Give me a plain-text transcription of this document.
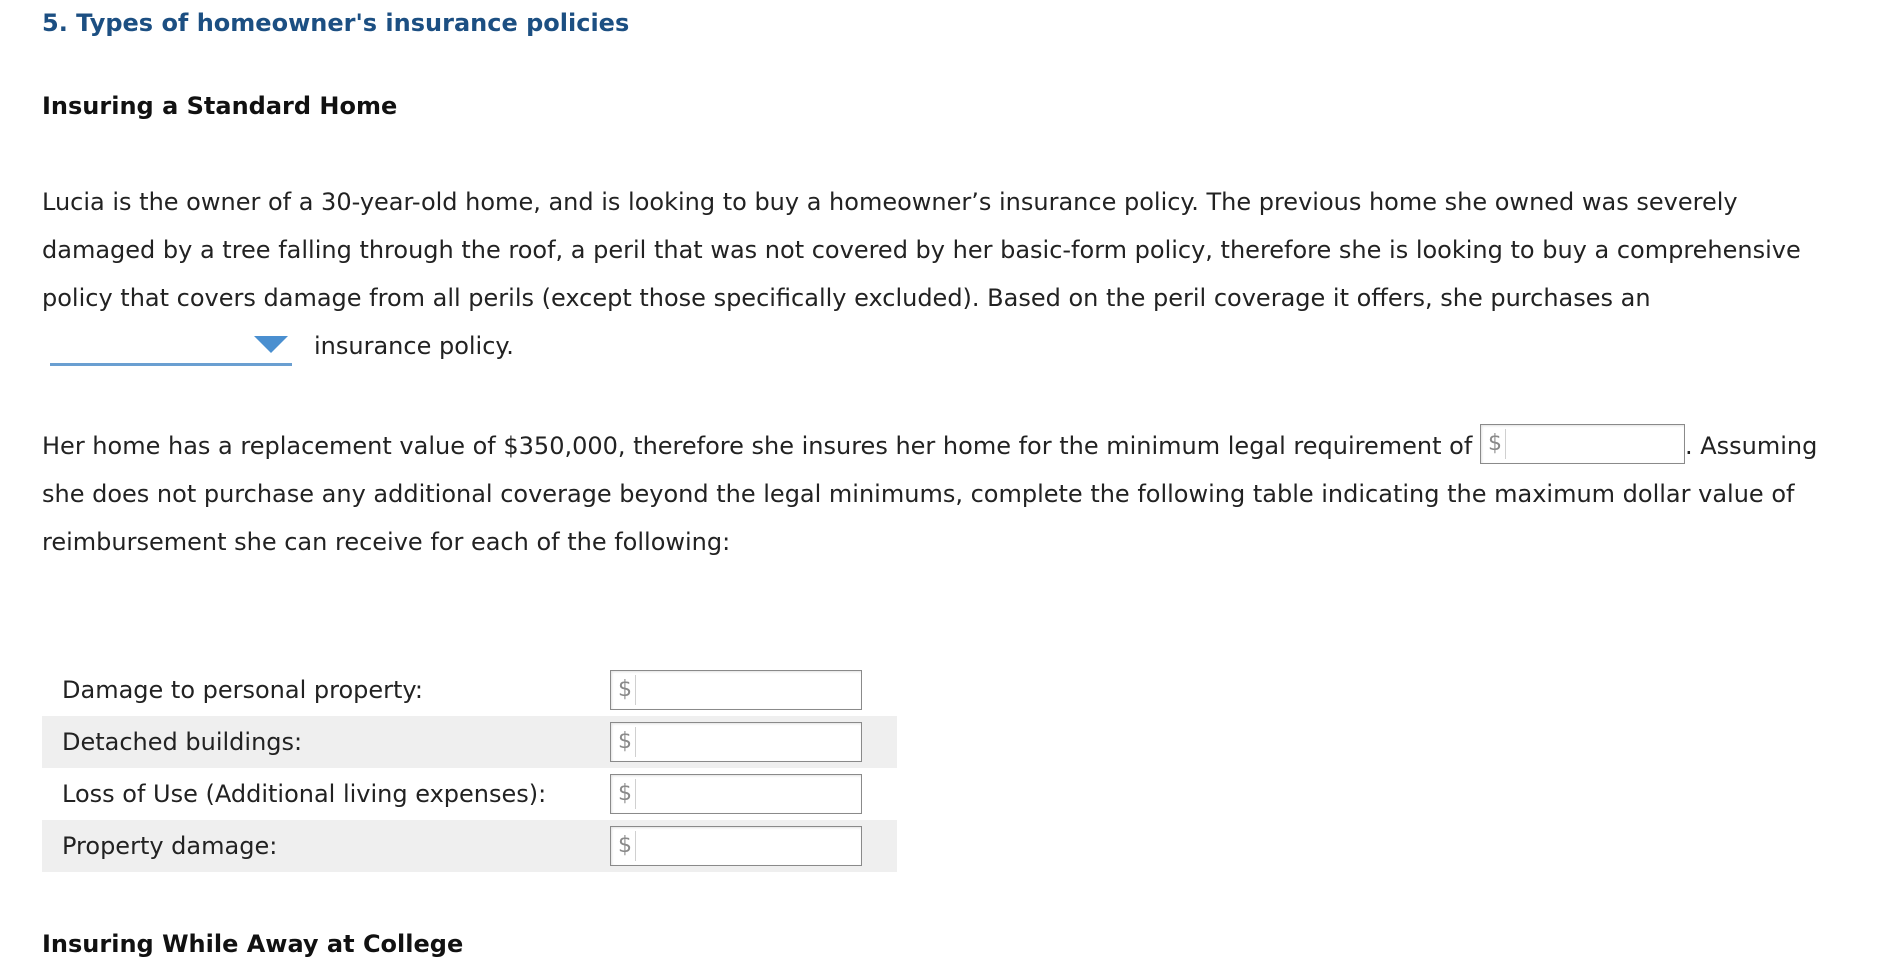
5. Types of homeowner's insurance policies
Insuring a Standard Home
Lucia is the owner of a 30-year-old home, and is looking to buy a homeowner’s insurance policy. The previous home she owned was severely
damaged by a tree falling through the roof, a peril that was not covered by her basic-form policy, therefore she is looking to buy a comprehensive
policy that covers damage from all perils (except those specifically excluded). Based on the peril coverage it offers, she purchases an
insurance policy.
Her home has a replacement value of $350,000, therefore she insures her home for the minimum legal requirement of $	. Assuming
she does not purchase any additional coverage beyond the legal minimums, complete the following table indicating the maximum dollar value of
reimbursement she can receive for each of the following:
Damage to personal property:	$
Detached buildings:	$
Loss of Use (Additional living expenses):	$
Property damage:	$
Insuring While Away at College
